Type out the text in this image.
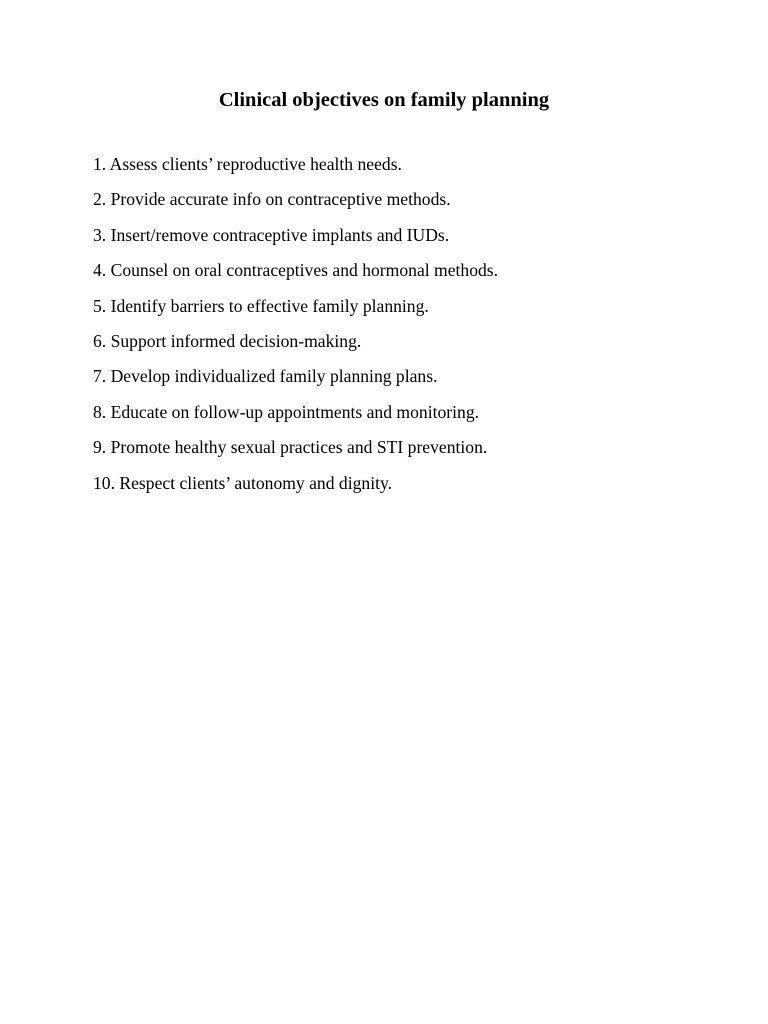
Clinical objectives on family planning
1. Assess clients’ reproductive health needs.
2. Provide accurate info on contraceptive methods.
3. Insert/remove contraceptive implants and IUDs.
4. Counsel on oral contraceptives and hormonal methods.
5. Identify barriers to effective family planning.
6. Support informed decision-making.
7. Develop individualized family planning plans.
8. Educate on follow-up appointments and monitoring.
9. Promote healthy sexual practices and STI prevention.
10. Respect clients’ autonomy and dignity.
